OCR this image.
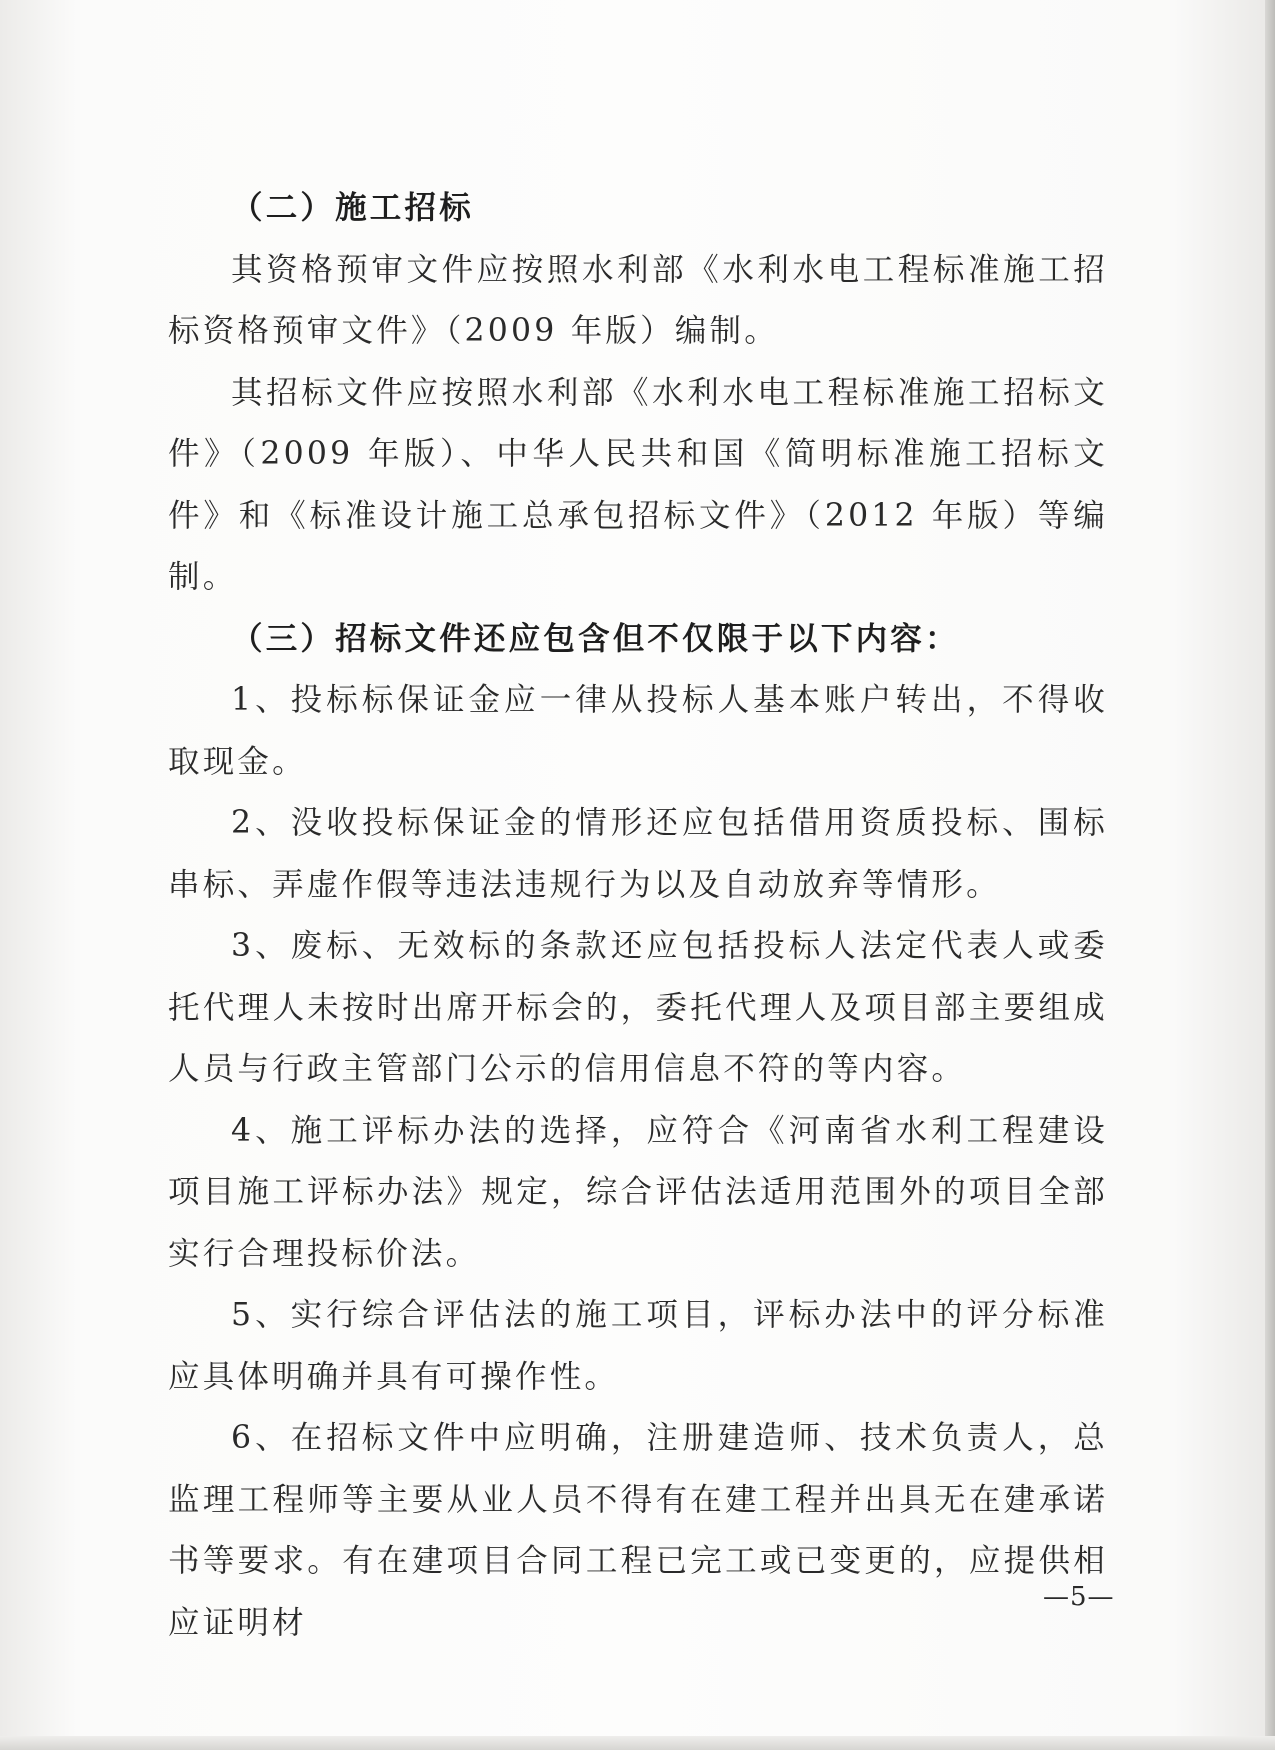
（二）施工招标

其资格预审文件应按照水利部《水利水电工程标准施工招标资格预审文件》（2009 年版）编制。

其招标文件应按照水利部《水利水电工程标准施工招标文件》（2009 年版）、中华人民共和国《简明标准施工招标文件》和《标准设计施工总承包招标文件》（2012 年版）等编制。

（三）招标文件还应包含但不仅限于以下内容：

1、投标标保证金应一律从投标人基本账户转出，不得收取现金。

2、没收投标保证金的情形还应包括借用资质投标、围标串标、弄虚作假等违法违规行为以及自动放弃等情形。

3、废标、无效标的条款还应包括投标人法定代表人或委托代理人未按时出席开标会的，委托代理人及项目部主要组成人员与行政主管部门公示的信用信息不符的等内容。

4、施工评标办法的选择，应符合《河南省水利工程建设项目施工评标办法》规定，综合评估法适用范围外的项目全部实行合理投标价法。

5、实行综合评估法的施工项目，评标办法中的评分标准应具体明确并具有可操作性。

6、在招标文件中应明确，注册建造师、技术负责人，总监理工程师等主要从业人员不得有在建工程并出具无在建承诺书等要求。有在建项目合同工程已完工或已变更的，应提供相应证明材

—5—
